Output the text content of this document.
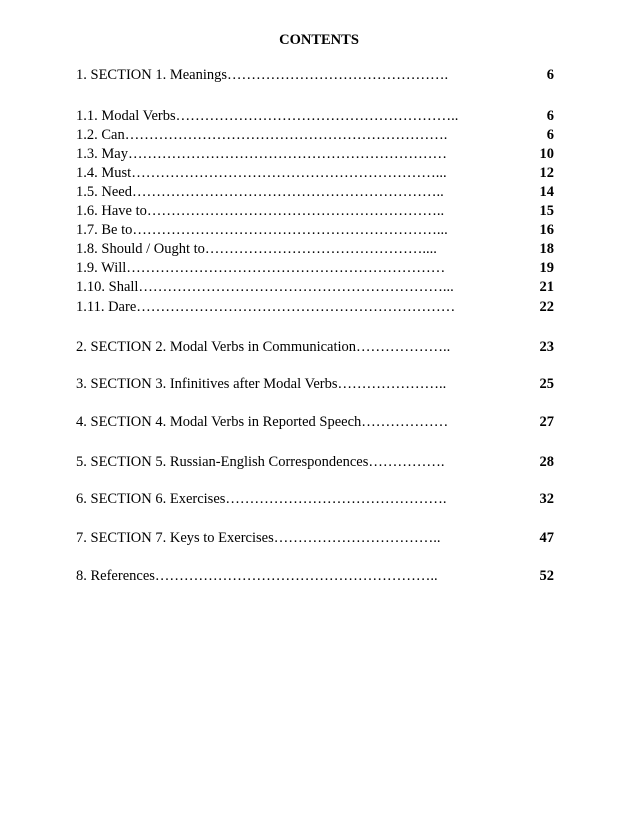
CONTENTS
1. SECTION 1. Meanings……………………………………….	6
1.1. Modal Verbs…………………………………………………..	6
1.2. Can………………………………………………………….	6
1.3. May…………………………………………………………	10
1.4. Must………………………………………………………...	12
1.5. Need………………………………………………………..	14
1.6. Have to……………………………………………………..	15
1.7. Be to………………………………………………………...	16
1.8. Should / Ought to………………………………………....	18
1.9. Will…………………………………………………………	19
1.10. Shall………………………………………………………...	21
1.11. Dare…………………………………………………………	22
2. SECTION 2. Modal Verbs in Communication………………..	23
3. SECTION 3. Infinitives after Modal Verbs…………………..	25
4. SECTION 4. Modal Verbs in Reported Speech………………	27
5. SECTION 5. Russian-English Correspondences…………….	28
6. SECTION 6. Exercises……………………………………….	32
7. SECTION 7. Keys to Exercises……………………………..	47
8. References…………………………………………………..	52
